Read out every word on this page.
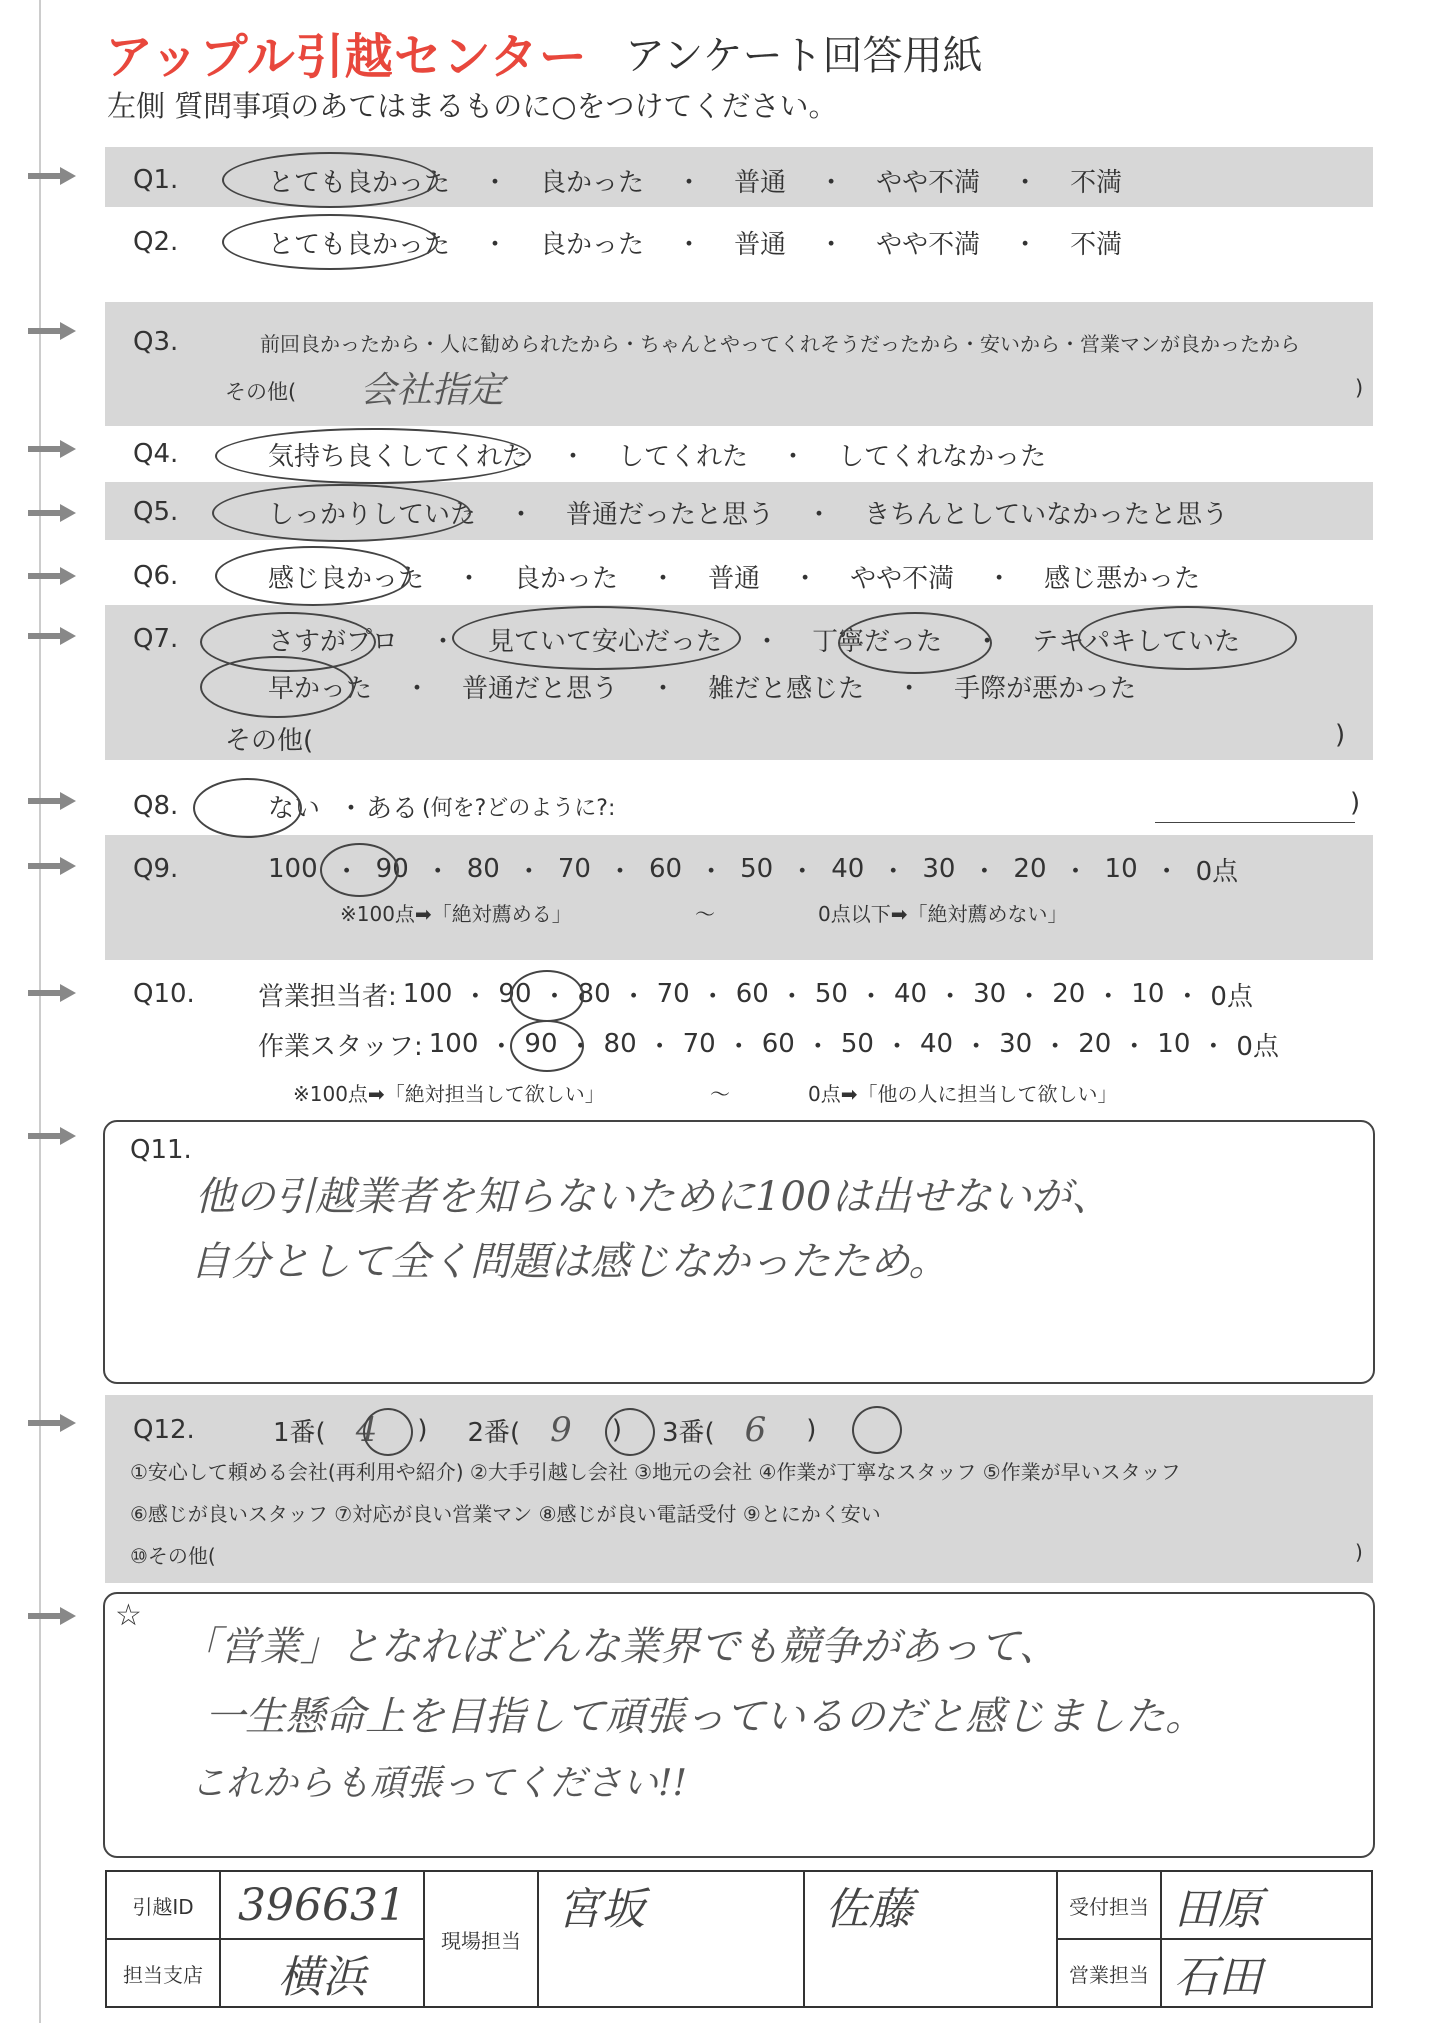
アップル引越センター アンケート回答用紙
左側 質問事項のあてはまるものに○をつけてください。
Q1.	とても良かった ・ 良かった ・ 普通 ・ やや不満 ・ 不満
Q2.	とても良かった ・ 良かった ・ 普通 ・ やや不満 ・ 不満
Q3.	前回良かったから・人に勧められたから・ちゃんとやってくれそうだったから・安いから・営業マンが良かったから
その他( 会社指定	)
Q4.	気持ち良くしてくれた ・ してくれた ・ してくれなかった
Q5.	しっかりしていた ・ 普通だったと思う ・ きちんとしていなかったと思う
Q6.	感じ良かった ・ 良かった ・ 普通 ・ やや不満 ・ 感じ悪かった
Q7.	さすがプロ ・ 見ていて安心だった ・ 丁寧だった ・ テキパキしていた
早かった ・ 普通だと思う ・ 雑だと感じた ・ 手際が悪かった
その他(	)
Q8.	ない ・ ある (何を?どのように?:	)
Q9.	100 ・ 90 ・ 80 ・ 70 ・ 60 ・ 50 ・ 40 ・ 30 ・ 20 ・ 10 ・ 0点
※100点➡「絶対薦める」	～	0点以下➡「絶対薦めない」
Q10.	営業担当者: 100 ・ 90 ・ 80 ・ 70 ・ 60 ・ 50 ・ 40 ・ 30 ・ 20 ・ 10 ・ 0点
作業スタッフ: 100 ・ 90 ・ 80 ・ 70 ・ 60 ・ 50 ・ 40 ・ 30 ・ 20 ・ 10 ・ 0点
※100点➡「絶対担当して欲しい」	～	0点➡「他の人に担当して欲しい」
Q11.
他の引越業者を知らないために100は出せないが、
自分として全く問題は感じなかったため。
Q12.	1番( 4 ) 2番( 9 ) 3番( 6 )
①安心して頼める会社(再利用や紹介) ②大手引越し会社 ③地元の会社 ④作業が丁寧なスタッフ ⑤作業が早いスタッフ
⑥感じが良いスタッフ ⑦対応が良い営業マン ⑧感じが良い電話受付 ⑨とにかく安い
⑩その他(	)
☆
「営業」となればどんな業界でも競争があって、
一生懸命上を目指して頑張っているのだと感じました。
これからも頑張ってください!!
引越ID	396631	現場担当	宮坂	佐藤	受付担当	田原
担当支店	横浜				営業担当	石田
